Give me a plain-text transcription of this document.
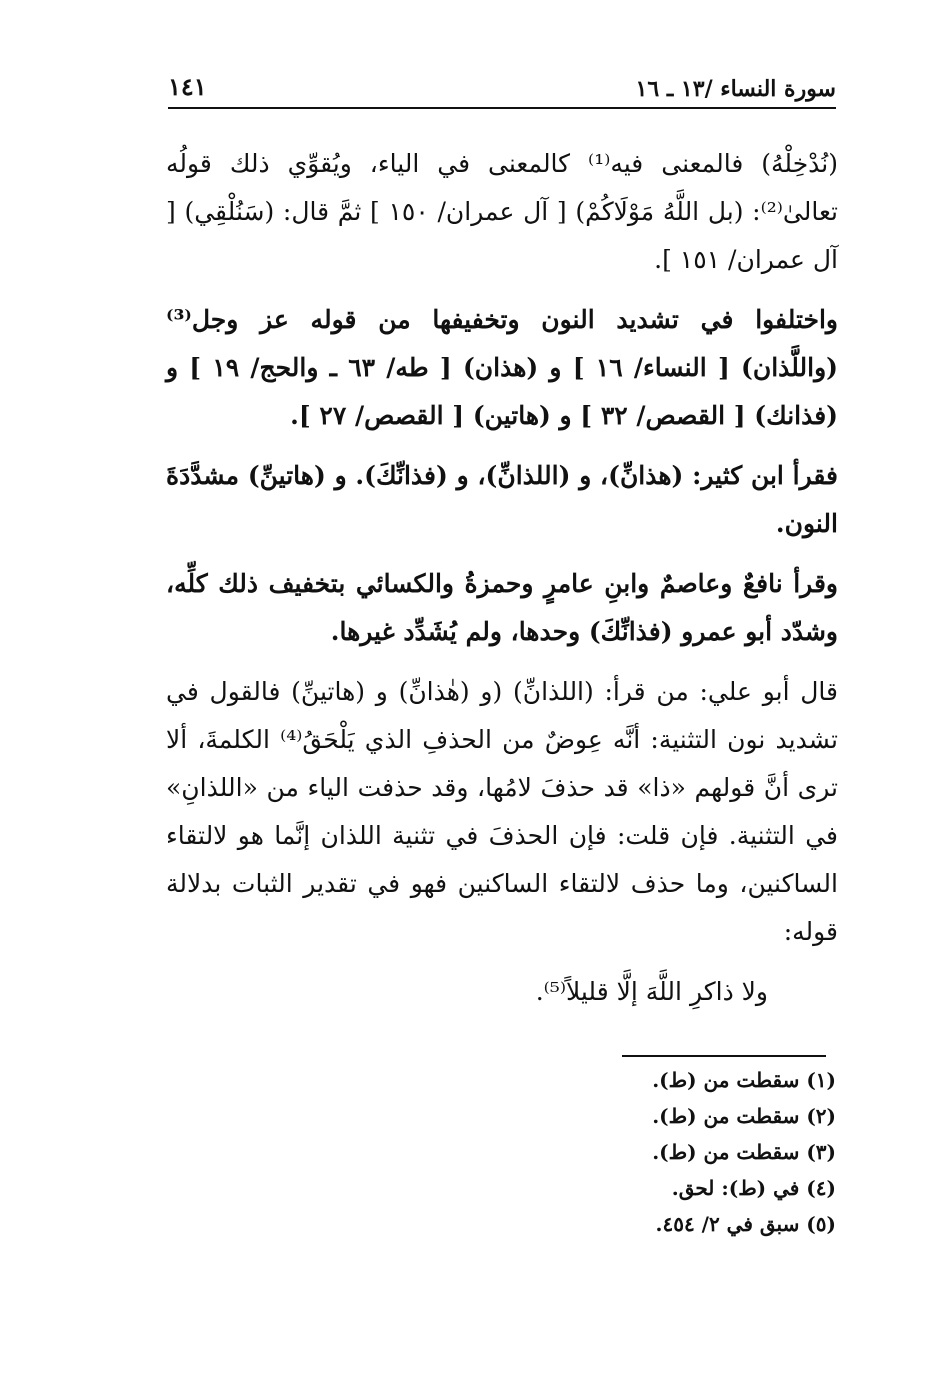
سورة النساء /١٣ ـ ١٦
١٤١

(نُدْخِلْهُ) فالمعنى فيه⁽¹⁾ كالمعنى في الياء، ويُقوِّي ذلك قولُه تعالىٰ⁽²⁾: (بل اللَّهُ مَوْلَاكُمْ) [ آل عمران/ ١٥٠ ] ثمَّ قال: (سَنُلْقِي) [ آل عمران/ ١٥١ ].

واختلفوا في تشديد النون وتخفيفها من قوله عز وجل⁽³⁾ (واللَّذان) [ النساء/ ١٦ ] و (هذان) [ طه/ ٦٣ ـ والحج/ ١٩ ] و (فذانك) [ القصص/ ٣٢ ] و (هاتين) [ القصص/ ٢٧ ].

فقرأ ابن كثير: (هذانِّ)، و (اللذانِّ)، و (فذانِّكَ). و (هاتينِّ) مشدَّدَةَ النون.

وقرأ نافعٌ وعاصمٌ وابنِ عامرٍ وحمزةُ والكسائي بتخفيف ذلك كلِّه، وشدّد أبو عمرو (فذانِّكَ) وحدها، ولم يُشَدِّد غيرها.

قال أبو علي: من قرأ: (اللذانِّ) (و (هٰذانِّ) و (هاتينِّ) فالقول في تشديد نون التثنية: أنَّه عِوضٌ من الحذفِ الذي يَلْحَقُ⁽⁴⁾ الكلمةَ، ألا ترى أنَّ قولهم «ذا» قد حذفَ لامُها، وقد حذفت الياء من «اللذانِ» في التثنية. فإن قلت: فإن الحذفَ في تثنية اللذان إنَّما هو لالتقاء الساكنين، وما حذف لالتقاء الساكنين فهو في تقدير الثبات بدلالة قوله:

ولا ذاكرِ اللَّهَ إلَّا قليلاً⁽⁵⁾.

(١) سقطت من (ط).
(٢) سقطت من (ط).
(٣) سقطت من (ط).
(٤) في (ط): لحق.
(٥) سبق في ٢/ ٤٥٤.
